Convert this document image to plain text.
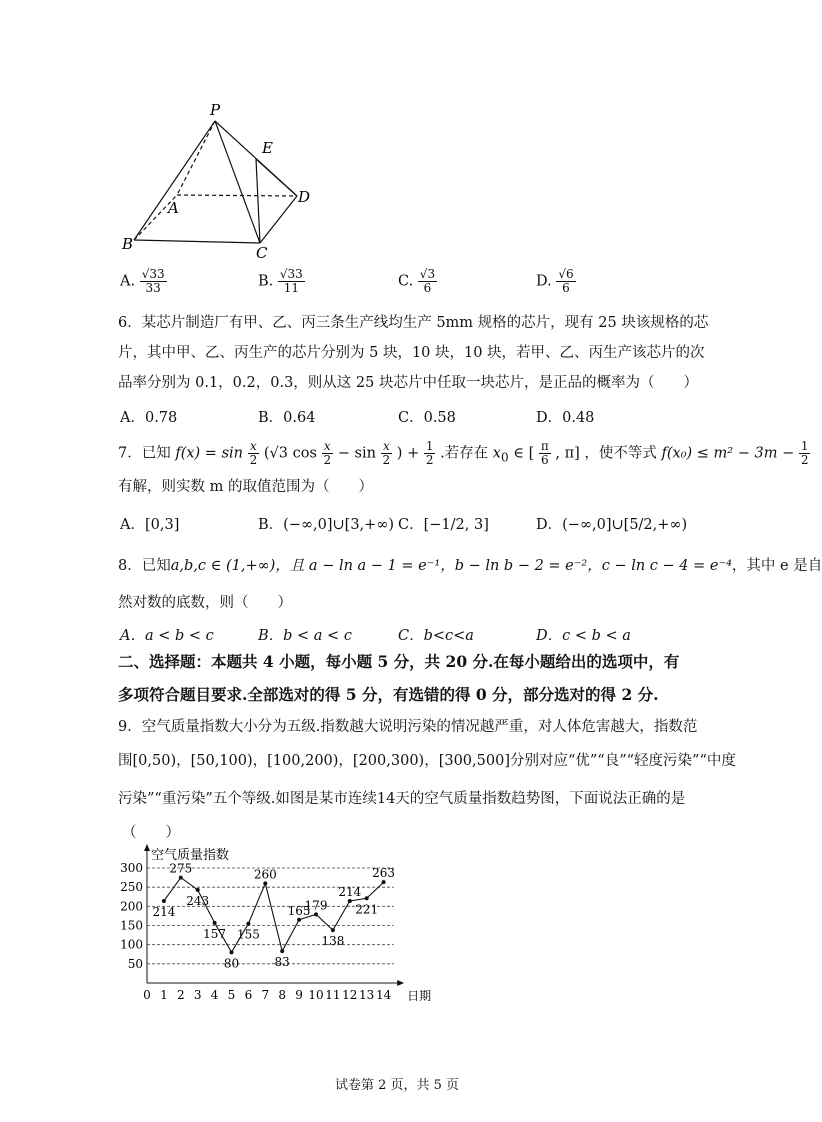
P
E
A
D
B	C
A. $\frac{√33}{33}$	B. $\frac{√33}{11}$	C. $\frac{√3}{6}$	D. $\frac{√6}{6}$
6．某芯片制造厂有甲、乙、丙三条生产线均生产 5mm 规格的芯片，现有 25 块该规格的芯
片，其中甲、乙、丙生产的芯片分别为 5 块，10 块，10 块，若甲、乙、丙生产该芯片的次
品率分别为 0.1，0.2，0.3，则从这 25 块芯片中任取一块芯片，是正品的概率为（　　）
A．0.78	B．0.64	C．0.58	D．0.48
7．已知 $f(x) = \sin \frac{x}{2} (√3$ $\cos \frac{x}{2} - \sin \frac{x}{2}$ ) + $\frac{1}{2}$ .若存在 $x_0$ ∈ [ $\frac{\pi}{6}$ , π] ，使不等式 $f(x_0) \le m^2 - 3m - \frac{1}{2}$
有解，则实数 m 的取值范围为（　　）
A．[0,3]	B．(−∞,0]∪[3,+∞) C．[−1/2, 3]	D．(−∞,0]∪[5/2,+∞)
8．已知a,b,c ∈ (1,+∞)，且 a − ln a − 1 = e⁻¹，b − ln b − 2 = e⁻²，c − ln c − 4 = e⁻⁴，其中 e 是自
然对数的底数，则（　　）
A．a < b < c	B．b < a < c	C．b<c<a	D．c < b < a
二、选择题：本题共 4 小题，每小题 5 分，共 20 分.在每小题给出的选项中，有
多项符合题目要求.全部选对的得 5 分，有选错的得 0 分，部分选对的得 2 分.
9．空气质量指数大小分为五级.指数越大说明污染的情况越严重，对人体危害越大，指数范
围[0,50)，[50,100)，[100,200)，[200,300)，[300,500]分别对应“优”“良”“轻度污染”“中度
污染”“重污染”五个等级.如图是某市连续14天的空气质量指数趋势图，下面说法正确的是
（　　）
空气质量指数
日期
50
100
150
200
250
300
0 1 2 3 4 5 6 7 8 9 10 11 12 13 14
214
275
243
157
80
155
260
83
165
179
138
214
221
263
试卷第 2 页，共 5 页
